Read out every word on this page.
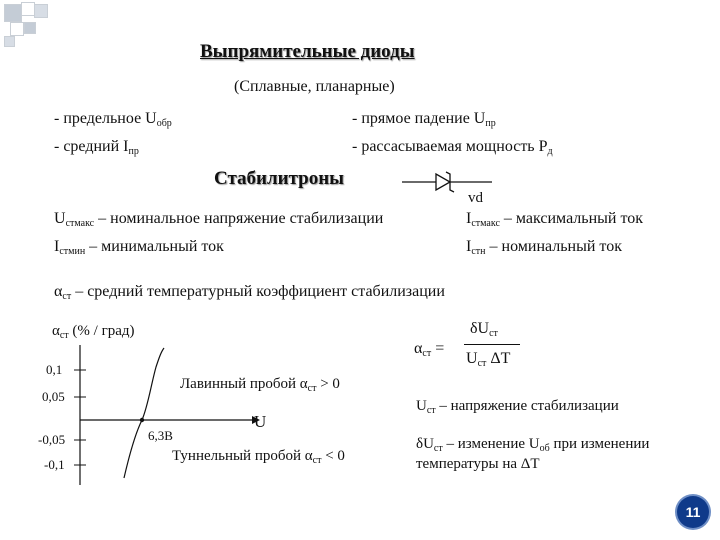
Выпрямительные диоды
(Сплавные, планарные)
- предельное $U_{обр}$
- средний $I_{пр}$
- прямое падение $U_{пр}$
- рассасываемая мощность $P_д$
Стабилитроны
vd
$U_{стмакс}$ – номинальное напряжение стабилизации
$I_{стмин}$ – минимальный ток
$I_{стмакс}$ – максимальный ток
$I_{стн}$ – номинальный ток
$\alpha_{ст}$ – средний температурный коэффициент стабилизации
$\alpha_{ст}$ (% / град)
0,1
0,05
-0,05
-0,1
U
6,3В
Лавинный пробой $\alpha_{ст} > 0$
Туннельный пробой $\alpha_{ст} < 0$
$\alpha_{ст}$ =
$\delta U_{ст}$
$U_{ст}$ ΔT
$U_{ст}$ – напряжение стабилизации
$\delta U_{ст}$ – изменение $U_{об}$ при изменении
температуры на ΔT
11
